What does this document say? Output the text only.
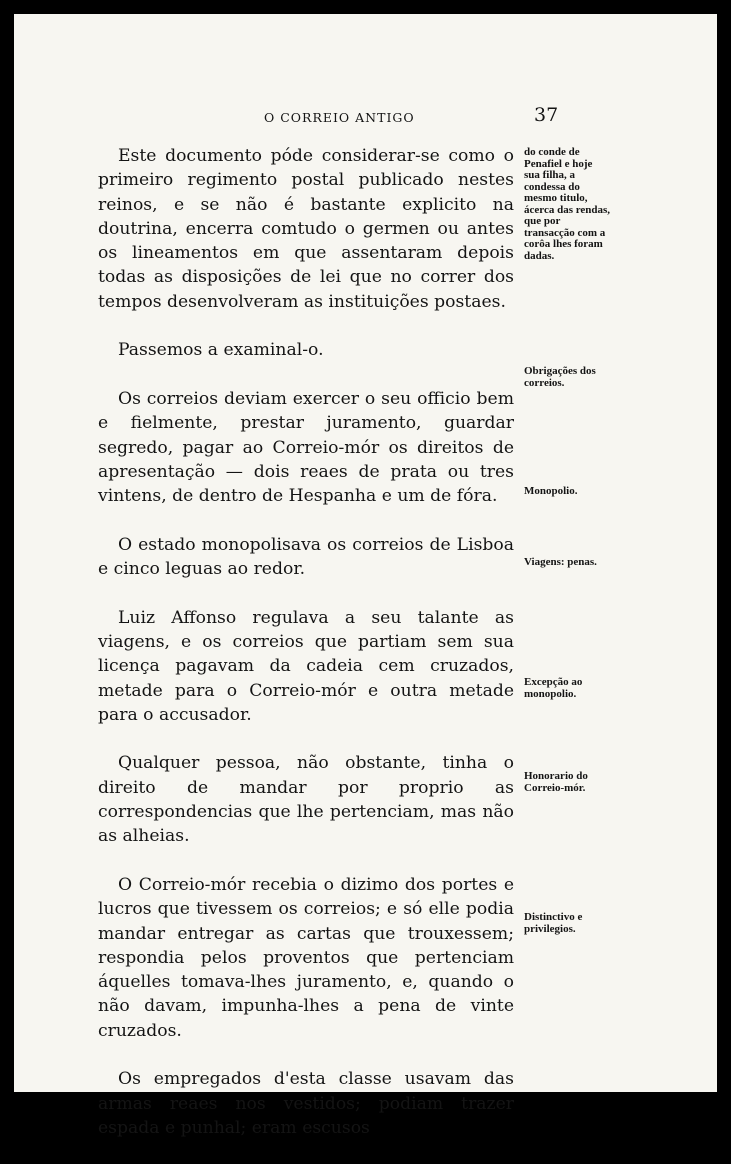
O CORREIO ANTIGO	37

Este documento póde considerar-se como o primeiro regimento postal publicado nestes reinos, e se não é bastante explicito na doutrina, encerra comtudo o germen ou antes os lineamentos em que assentaram depois todas as disposições de lei que no correr dos tempos desenvolveram as instituições postaes.

Passemos a examinal-o.

Os correios deviam exercer o seu officio bem e fielmente, prestar juramento, guardar segredo, pagar ao Correio-mór os direitos de apresentação — dois reaes de prata ou tres vintens, de dentro de Hespanha e um de fóra.

O estado monopolisava os correios de Lisboa e cinco leguas ao redor.

Luiz Affonso regulava a seu talante as viagens, e os correios que partiam sem sua licença pagavam da cadeia cem cruzados, metade para o Correio-mór e outra metade para o accusador.

Qualquer pessoa, não obstante, tinha o direito de mandar por proprio as correspondencias que lhe pertenciam, mas não as alheias.

O Correio-mór recebia o dizimo dos portes e lucros que tivessem os correios; e só elle podia mandar entregar as cartas que trouxessem; respondia pelos proventos que pertenciam áquelles tomava-lhes juramento, e, quando o não davam, impunha-lhes a pena de vinte cruzados.

Os empregados d'esta classe usavam das armas reaes nos vestidos; podiam trazer espada e punhal; eram escusos

do conde de Penafiel e hoje sua filha, a condessa do mesmo titulo, ácerca das rendas, que por transacção com a corôa lhes foram dadas.
Obrigações dos correios.
Monopolio.
Viagens: penas.
Excepção ao monopolio.
Honorario do Correio-mór.
Distinctivo e privilegios.
